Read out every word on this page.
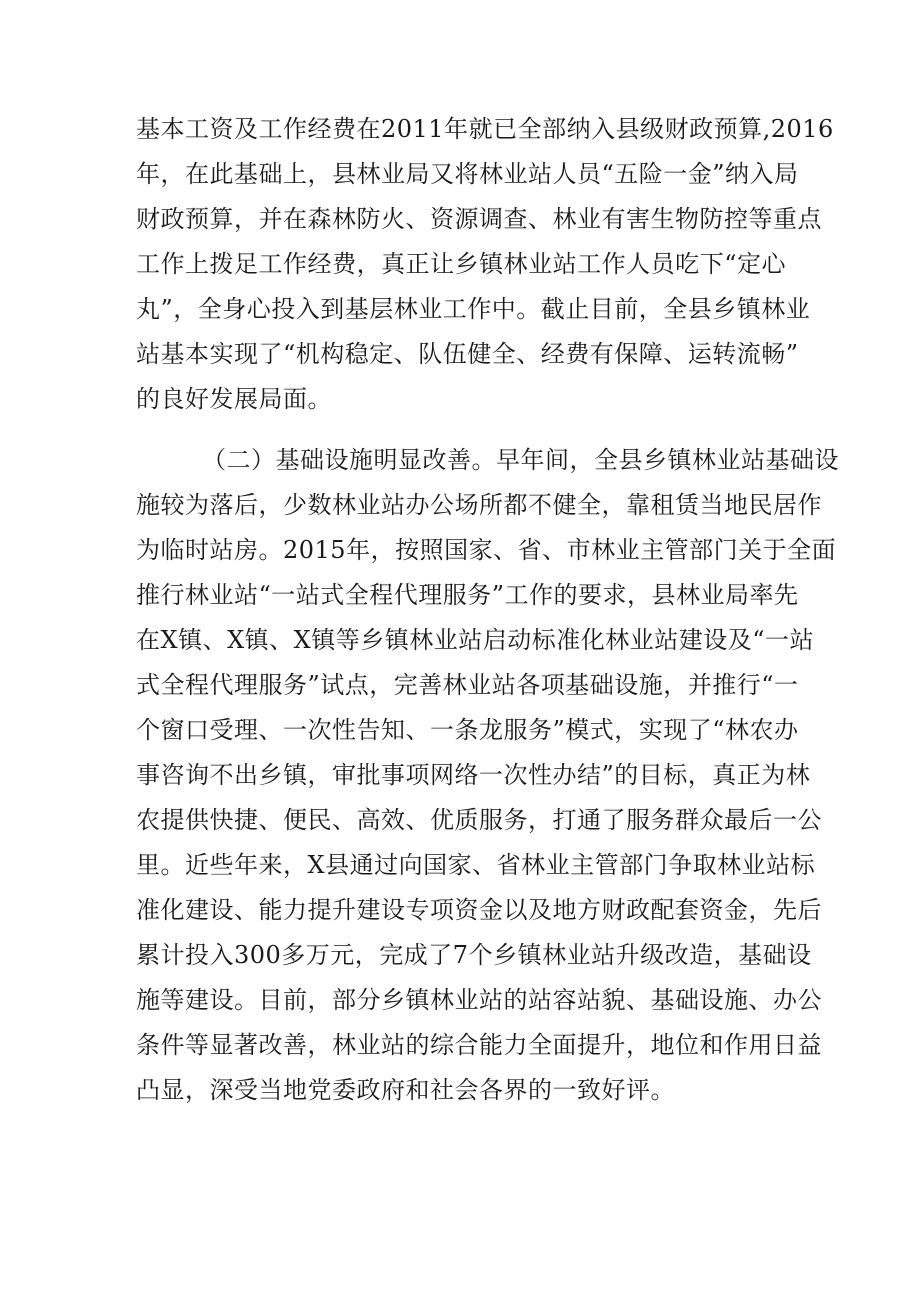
基本工资及工作经费在2011年就已全部纳入县级财政预算,2016
年，在此基础上，县林业局又将林业站人员“五险一金”纳入局
财政预算，并在森林防火、资源调查、林业有害生物防控等重点
工作上拨足工作经费，真正让乡镇林业站工作人员吃下“定心
丸”，全身心投入到基层林业工作中。截止目前，全县乡镇林业
站基本实现了“机构稳定、队伍健全、经费有保障、运转流畅”
的良好发展局面。
（二）基础设施明显改善。早年间，全县乡镇林业站基础设
施较为落后，少数林业站办公场所都不健全，靠租赁当地民居作
为临时站房。2015年，按照国家、省、市林业主管部门关于全面
推行林业站“一站式全程代理服务”工作的要求，县林业局率先
在X镇、X镇、X镇等乡镇林业站启动标准化林业站建设及“一站
式全程代理服务”试点，完善林业站各项基础设施，并推行“一
个窗口受理、一次性告知、一条龙服务”模式，实现了“林农办
事咨询不出乡镇，审批事项网络一次性办结”的目标，真正为林
农提供快捷、便民、高效、优质服务，打通了服务群众最后一公
里。近些年来，X县通过向国家、省林业主管部门争取林业站标
准化建设、能力提升建设专项资金以及地方财政配套资金，先后
累计投入300多万元，完成了7个乡镇林业站升级改造，基础设
施等建设。目前，部分乡镇林业站的站容站貌、基础设施、办公
条件等显著改善，林业站的综合能力全面提升，地位和作用日益
凸显，深受当地党委政府和社会各界的一致好评。
